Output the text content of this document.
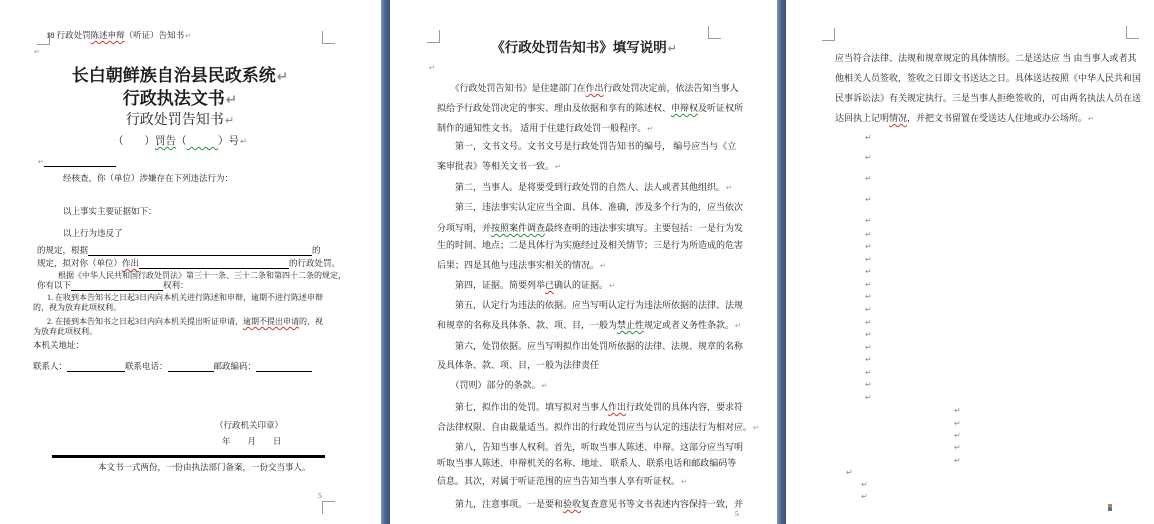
18 行政处罚陈述申辩（听证）告知书↵
↵
长白朝鲜族自治县民政系统↵
行政执法文书↵
行政处罚告知书↵
（　　）罚告（　　　	）号↵
↵
经核查，你（单位）涉嫌存在下列违法行为：
以上事实主要证据如下：
以上行为违反了
的规定，根据	的
规定，拟对你（单位）作出	的行政处罚。
根据《中华人民共和国行政处罚法》第三十一条、三十二条和第四十二条的规定，
你有以下	权利：
1. 在收到本告知书之日起3日内向本机关进行陈述和申辩，逾期不进行陈述申辩
的，视为放弃此项权利。
2. 在接到本告知书之日起3日内向本机关提出听证申请，逾期不提出申请的，视
为放弃此项权利。
本机关地址：
联系人：	联系电话：	邮政编码：
（行政机关印章）
年　　月　　日
本文书一式两份，一份由执法部门备案，一份交当事人。
5
《行政处罚告知书》填写说明↵
↵
　　《行政处罚告知书》是住建部门在作出行政处罚决定前，依法告知当事人
拟给予行政处罚决定的事实、理由及依据和享有的陈述权、申辩权及听证权所
制作的通知性文书。 适用于住建行政处罚一般程序。↵
　　第一，文书文号。文书文号是行政处罚告知书的编号， 编号应当与《立
案审批表》等相关文书一致。↵
　　第二，当事人。是将要受到行政处罚的自然人、法人或者其他组织。↵
　　第三，违法事实认定应当全面、具体、准确，涉及多个行为的，应当依次
分项写明，并按照案件调查最终查明的违法事实填写。主要包括：一是行为发
生的时间、地点；二是具体行为实施经过及相关情节；三是行为所造成的危害
后果；四是其他与违法事实相关的情况。↵
　　第四，证据。简要列举已确认的证据。↵
　　第五，认定行为违法的依据。应当写明认定行为违法所依据的法律、法规
和规章的名称及具体条、款、项、目，一般为禁止性规定或者义务性条款。↵
　　第六，处罚依据。应当写明拟作出处罚所依据的法律、法规、规章的名称
及具体条、款、项、目，一般为法律责任
　　（罚则）部分的条款。↵
　　第七，拟作出的处罚。填写拟对当事人作出行政处罚的具体内容，要求符
合法律权限、自由裁量适当。拟作出的行政处罚应当与认定的违法行为相对应。↵
　　第八，告知当事人权利。首先，听取当事人陈述、申辩。这部分应当写明
听取当事人陈述、申辩机关的名称、地址、 联系人、联系电话和邮政编码等
信息。其次，对属于听证范围的应当告知当事人享有听证权。↵
　　第九，注意事项。一是要和验收复查意见书等文书表述内容保持一致，并
5
应当符合法律、法规和规章规定的具体情形。二是送达应 当 由当事人或者其
他相关人员签收，签收之日即文书送达之日。具体送达按照《中华人民共和国
民事诉讼法》有关规定执行。三是当事人拒绝签收的，可由两名执法人员在送
达回执上记明情况，并把文书留置在受送达人住地或办公场所。↵
↵
↵
↵
↵
↵
↵
↵
↵
↵
↵
↵
↵
↵
↵
↵
↵
↵
↵
↵
↵
↵
↵
↵
↵
↵
↵
↵
